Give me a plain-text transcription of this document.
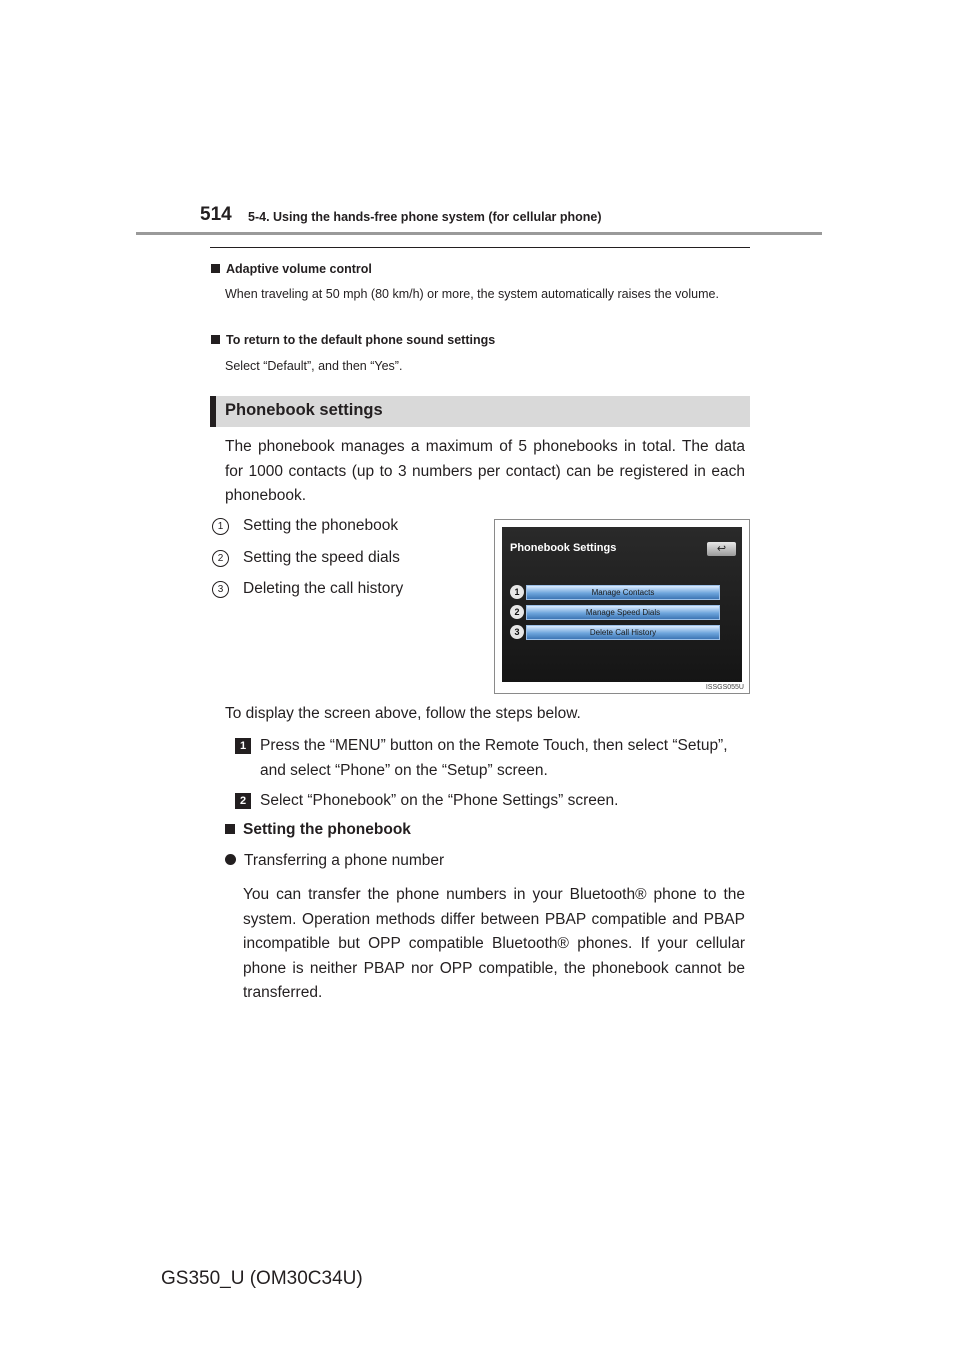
514 5-4. Using the hands-free phone system (for cellular phone)
Adaptive volume control
When traveling at 50 mph (80 km/h) or more, the system automatically raises the volume.
To return to the default phone sound settings
Select “Default”, and then “Yes”.
Phonebook settings
The phonebook manages a maximum of 5 phonebooks in total. The data for 1000 contacts (up to 3 numbers per contact) can be registered in each phonebook.
1	Setting the phonebook
2	Setting the speed dials
3	Deleting the call history
Phonebook Settings	↩
1	Manage Contacts
2	Manage Speed Dials
3	Delete Call History
ISSGS055U
To display the screen above, follow the steps below.
1 Press the “MENU” button on the Remote Touch, then select “Setup”, and select “Phone” on the “Setup” screen.
2 Select “Phonebook” on the “Phone Settings” screen.
Setting the phonebook
Transferring a phone number
You can transfer the phone numbers in your Bluetooth® phone to the system. Operation methods differ between PBAP compatible and PBAP incompatible but OPP compatible Bluetooth® phones. If your cellular phone is neither PBAP nor OPP compatible, the phonebook cannot be transferred.
GS350_U (OM30C34U)
